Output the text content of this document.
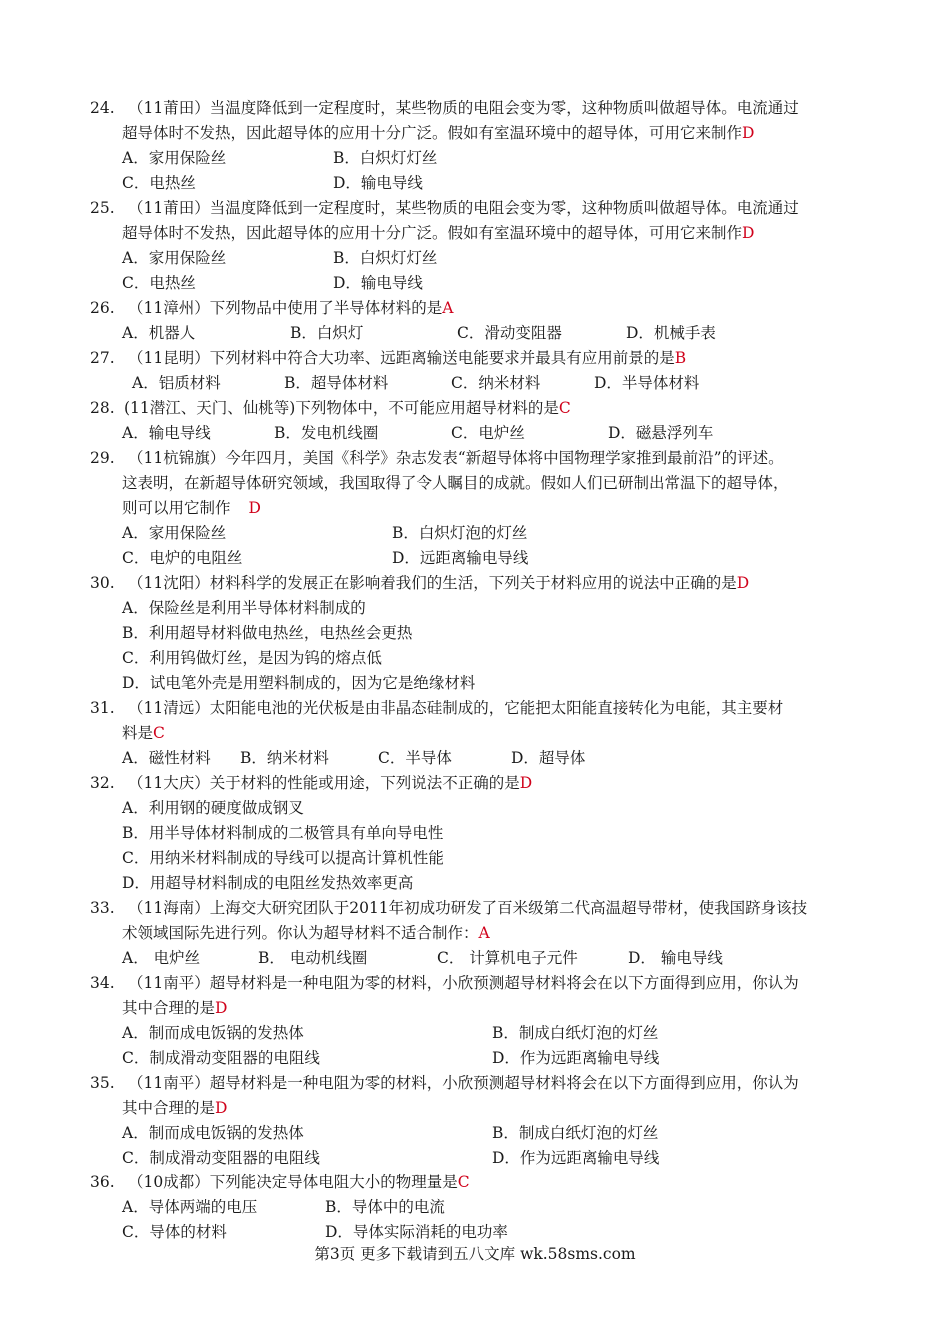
24. （11莆田）当温度降低到一定程度时，某些物质的电阻会变为零，这种物质叫做超导体。电流通过
超导体时不发热，因此超导体的应用十分广泛。假如有室温环境中的超导体，可用它来制作D
A．家用保险丝	B．白炽灯灯丝
C．电热丝	D．输电导线
25. （11莆田）当温度降低到一定程度时，某些物质的电阻会变为零，这种物质叫做超导体。电流通过
超导体时不发热，因此超导体的应用十分广泛。假如有室温环境中的超导体，可用它来制作D
A．家用保险丝	B．白炽灯灯丝
C．电热丝	D．输电导线
26. （11漳州）下列物品中使用了半导体材料的是A
A．机器人	B．白炽灯	C．滑动变阻器	D．机械手表
27. （11昆明）下列材料中符合大功率、远距离输送电能要求并最具有应用前景的是B
A．铝质材料	B．超导体材料	C．纳米材料	D．半导体材料
28. (11潜江、天门、仙桃等)下列物体中，不可能应用超导材料的是C
A．输电导线	B．发电机线圈	C．电炉丝	D．磁悬浮列车
29. （11杭锦旗）今年四月，美国《科学》杂志发表“新超导体将中国物理学家推到最前沿”的评述。
这表明，在新超导体研究领域，我国取得了令人瞩目的成就。假如人们已研制出常温下的超导体，
则可以用它制作 D
A．家用保险丝	B．白炽灯泡的灯丝
C．电炉的电阻丝	D．远距离输电导线
30. （11沈阳）材料科学的发展正在影响着我们的生活，下列关于材料应用的说法中正确的是D
A．保险丝是利用半导体材料制成的
B．利用超导材料做电热丝，电热丝会更热
C．利用钨做灯丝，是因为钨的熔点低
D．试电笔外壳是用塑料制成的，因为它是绝缘材料
31. （11清远）太阳能电池的光伏板是由非晶态硅制成的，它能把太阳能直接转化为电能，其主要材
料是C
A．磁性材料 B．纳米材料	C．半导体	D．超导体
32. （11大庆）关于材料的性能或用途，下列说法不正确的是D
A．利用钢的硬度做成钢叉
B．用半导体材料制成的二极管具有单向导电性
C．用纳米材料制成的导线可以提高计算机性能
D．用超导材料制成的电阻丝发热效率更高
33. （11海南）上海交大研究团队于2011年初成功研发了百米级第二代高温超导带材，使我国跻身该技
术领域国际先进行列。你认为超导材料不适合制作：A
A． 电炉丝	B． 电动机线圈	C． 计算机电子元件	D． 输电导线
34. （11南平）超导材料是一种电阻为零的材料，小欣预测超导材料将会在以下方面得到应用，你认为
其中合理的是D
A．制而成电饭锅的发热体	B．制成白纸灯泡的灯丝
C．制成滑动变阻器的电阻线	D．作为远距离输电导线
35. （11南平）超导材料是一种电阻为零的材料，小欣预测超导材料将会在以下方面得到应用，你认为
其中合理的是D
A．制而成电饭锅的发热体	B．制成白纸灯泡的灯丝
C．制成滑动变阻器的电阻线	D．作为远距离输电导线
36. （10成都）下列能决定导体电阻大小的物理量是C
A．导体两端的电压	B．导体中的电流
C．导体的材料	D．导体实际消耗的电功率
第3页 更多下载请到五八文库 wk.58sms.com
